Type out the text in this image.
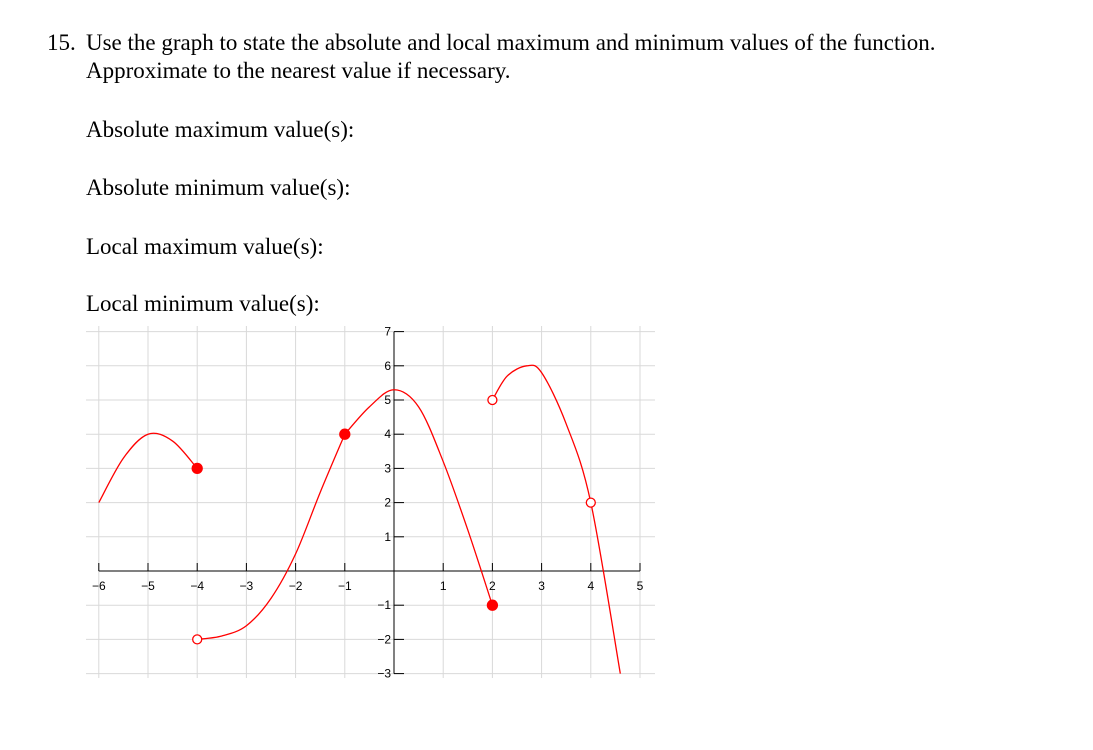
15. Use the graph to state the absolute and local maximum and minimum values of the function.
Approximate to the nearest value if necessary.
Absolute maximum value(s):
Absolute minimum value(s):
Local maximum value(s):
Local minimum value(s):
−6	−5	−4	−3	−2	−1	1	2	3	4	5
7
6
5
4
3
2
1
−1
−2
−3
